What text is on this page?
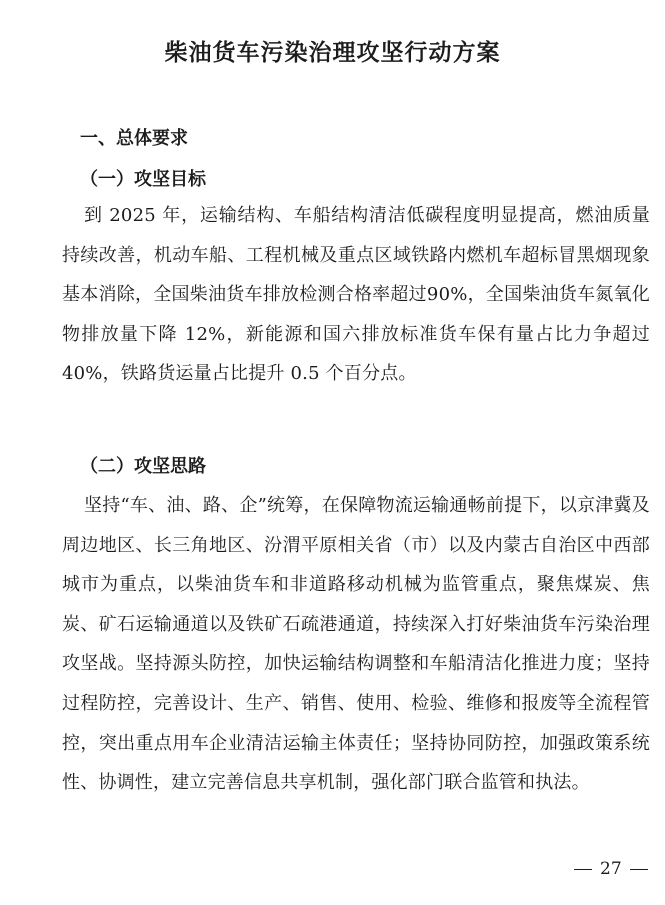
柴油货车污染治理攻坚行动方案
一、总体要求
（一）攻坚目标

到 2025 年，运输结构、车船结构清洁低碳程度明显提高，燃油质量持续改善，机动车船、工程机械及重点区域铁路内燃机车超标冒黑烟现象基本消除，全国柴油货车排放检测合格率超过90%，全国柴油货车氮氧化物排放量下降 12%，新能源和国六排放标准货车保有量占比力争超过 40%，铁路货运量占比提升 0.5 个百分点。

（二）攻坚思路

坚持“车、油、路、企”统筹，在保障物流运输通畅前提下，以京津冀及周边地区、长三角地区、汾渭平原相关省（市）以及内蒙古自治区中西部城市为重点，以柴油货车和非道路移动机械为监管重点，聚焦煤炭、焦炭、矿石运输通道以及铁矿石疏港通道，持续深入打好柴油货车污染治理攻坚战。坚持源头防控，加快运输结构调整和车船清洁化推进力度；坚持过程防控，完善设计、生产、销售、使用、检验、维修和报废等全流程管控，突出重点用车企业清洁运输主体责任；坚持协同防控，加强政策系统性、协调性，建立完善信息共享机制，强化部门联合监管和执法。

27
